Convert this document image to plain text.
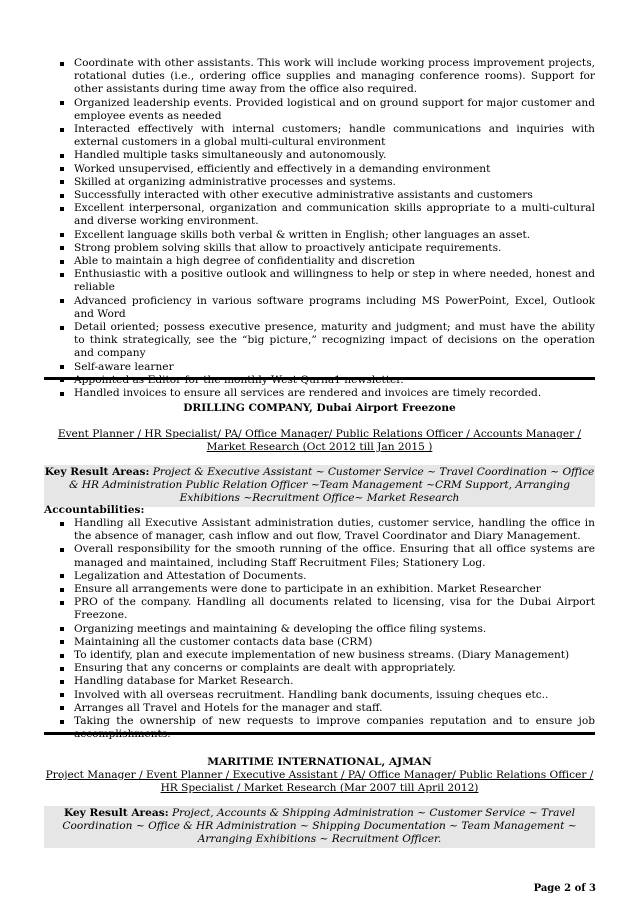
Coordinate with other assistants. This work will include working process improvement projects, rotational duties (i.e., ordering office supplies and managing conference rooms). Support for other assistants during time away from the office also required.
Organized leadership events. Provided logistical and on ground support for major customer and employee events as needed
Interacted effectively with internal customers; handle communications and inquiries with external customers in a global multi-cultural environment
Handled multiple tasks simultaneously and autonomously.
Worked unsupervised, efficiently and effectively in a demanding environment
Skilled at organizing administrative processes and systems.
Successfully interacted with other executive administrative assistants and customers
Excellent interpersonal, organization and communication skills appropriate to a multi-cultural and diverse working environment.
Excellent language skills both verbal & written in English; other languages an asset.
Strong problem solving skills that allow to proactively anticipate requirements.
Able to maintain a high degree of confidentiality and discretion
Enthusiastic with a positive outlook and willingness to help or step in where needed, honest and reliable
Advanced proficiency in various software programs including MS PowerPoint, Excel, Outlook and Word
Detail oriented; possess executive presence, maturity and judgment; and must have the ability to think strategically, see the “big picture,” recognizing impact of decisions on the operation and company
Self-aware learner
Handled invoices to ensure all services are rendered and invoices are timely recorded.
DRILLING COMPANY, Dubai Airport Freezone
Event Planner / HR Specialist/ PA/ Office Manager/ Public Relations Officer / Accounts Manager / Market Research (Oct 2012 till Jan 2015 )
Key Result Areas: Project & Executive Assistant ~ Customer Service ~ Travel Coordination ~ Office & HR Administration Public Relation Officer ~Team Management ~CRM Support, Arranging Exhibitions ~Recruitment Office~ Market Research
Accountabilities:
Handling all Executive Assistant administration duties, customer service, handling the office in the absence of manager, cash inflow and out flow, Travel Coordinator and Diary Management.
Overall responsibility for the smooth running of the office. Ensuring that all office systems are managed and maintained, including Staff Recruitment Files; Stationery Log.
Legalization and Attestation of Documents.
Ensure all arrangements were done to participate in an exhibition. Market Researcher
PRO of the company. Handling all documents related to licensing, visa for the Dubai Airport Freezone.
Organizing meetings and maintaining & developing the office filing systems.
Maintaining all the customer contacts data base (CRM)
To identify, plan and execute implementation of new business streams. (Diary Management)
Ensuring that any concerns or complaints are dealt with appropriately.
Handling database for Market Research.
Involved with all overseas recruitment. Handling bank documents, issuing cheques etc..
Arranges all Travel and Hotels for the manager and staff.
Taking the ownership of new requests to improve companies reputation and to ensure job
MARITIME INTERNATIONAL, AJMAN
Project Manager / Event Planner / Executive Assistant / PA/ Office Manager/ Public Relations Officer / HR Specialist / Market Research (Mar 2007 till April 2012)
Key Result Areas: Project, Accounts & Shipping Administration ~ Customer Service ~ Travel Coordination ~ Office & HR Administration ~ Shipping Documentation ~ Team Management ~ Arranging Exhibitions ~ Recruitment Officer.
Page 2 of 3
